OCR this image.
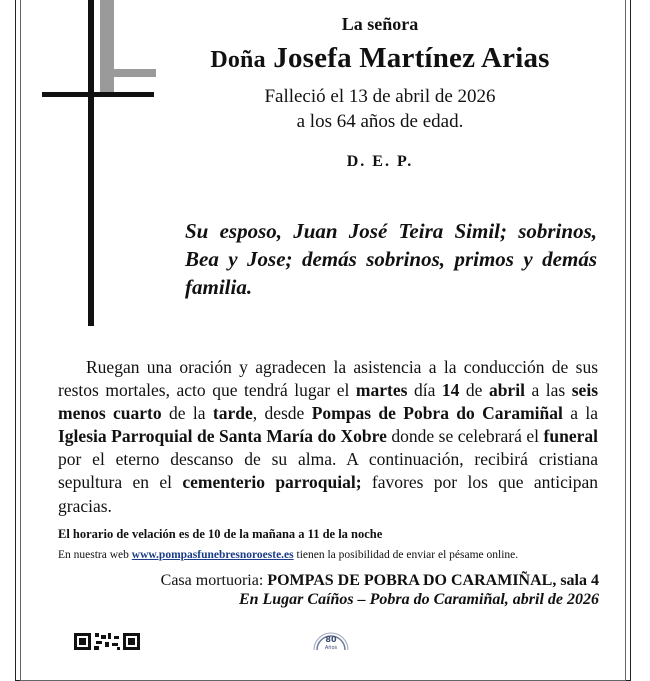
La señora
Doña Josefa Martínez Arias
Falleció el 13 de abril de 2026
a los 64 años de edad.
D. E. P.
Su esposo, Juan José Teira Simil; sobrinos, Bea y Jose; demás sobrinos, primos y demás familia.
Ruegan una oración y agradecen la asistencia a la conducción de sus restos mortales, acto que tendrá lugar el martes día 14 de abril a las seis menos cuarto de la tarde, desde Pompas de Pobra do Caramiñal a la Iglesia Parroquial de Santa María do Xobre donde se celebrará el funeral por el eterno descanso de su alma. A continuación, recibirá cristiana sepultura en el cementerio parroquial; favores por los que anticipan gracias.
El horario de velación es de 10 de la mañana a 11 de la noche
En nuestra web www.pompasfunebresnoroeste.es tienen la posibilidad de enviar el pésame online.
Casa mortuoria: POMPAS DE POBRA DO CARAMIÑAL, sala 4
En Lugar Caíños – Pobra do Caramiñal, abril de 2026
80
Años
